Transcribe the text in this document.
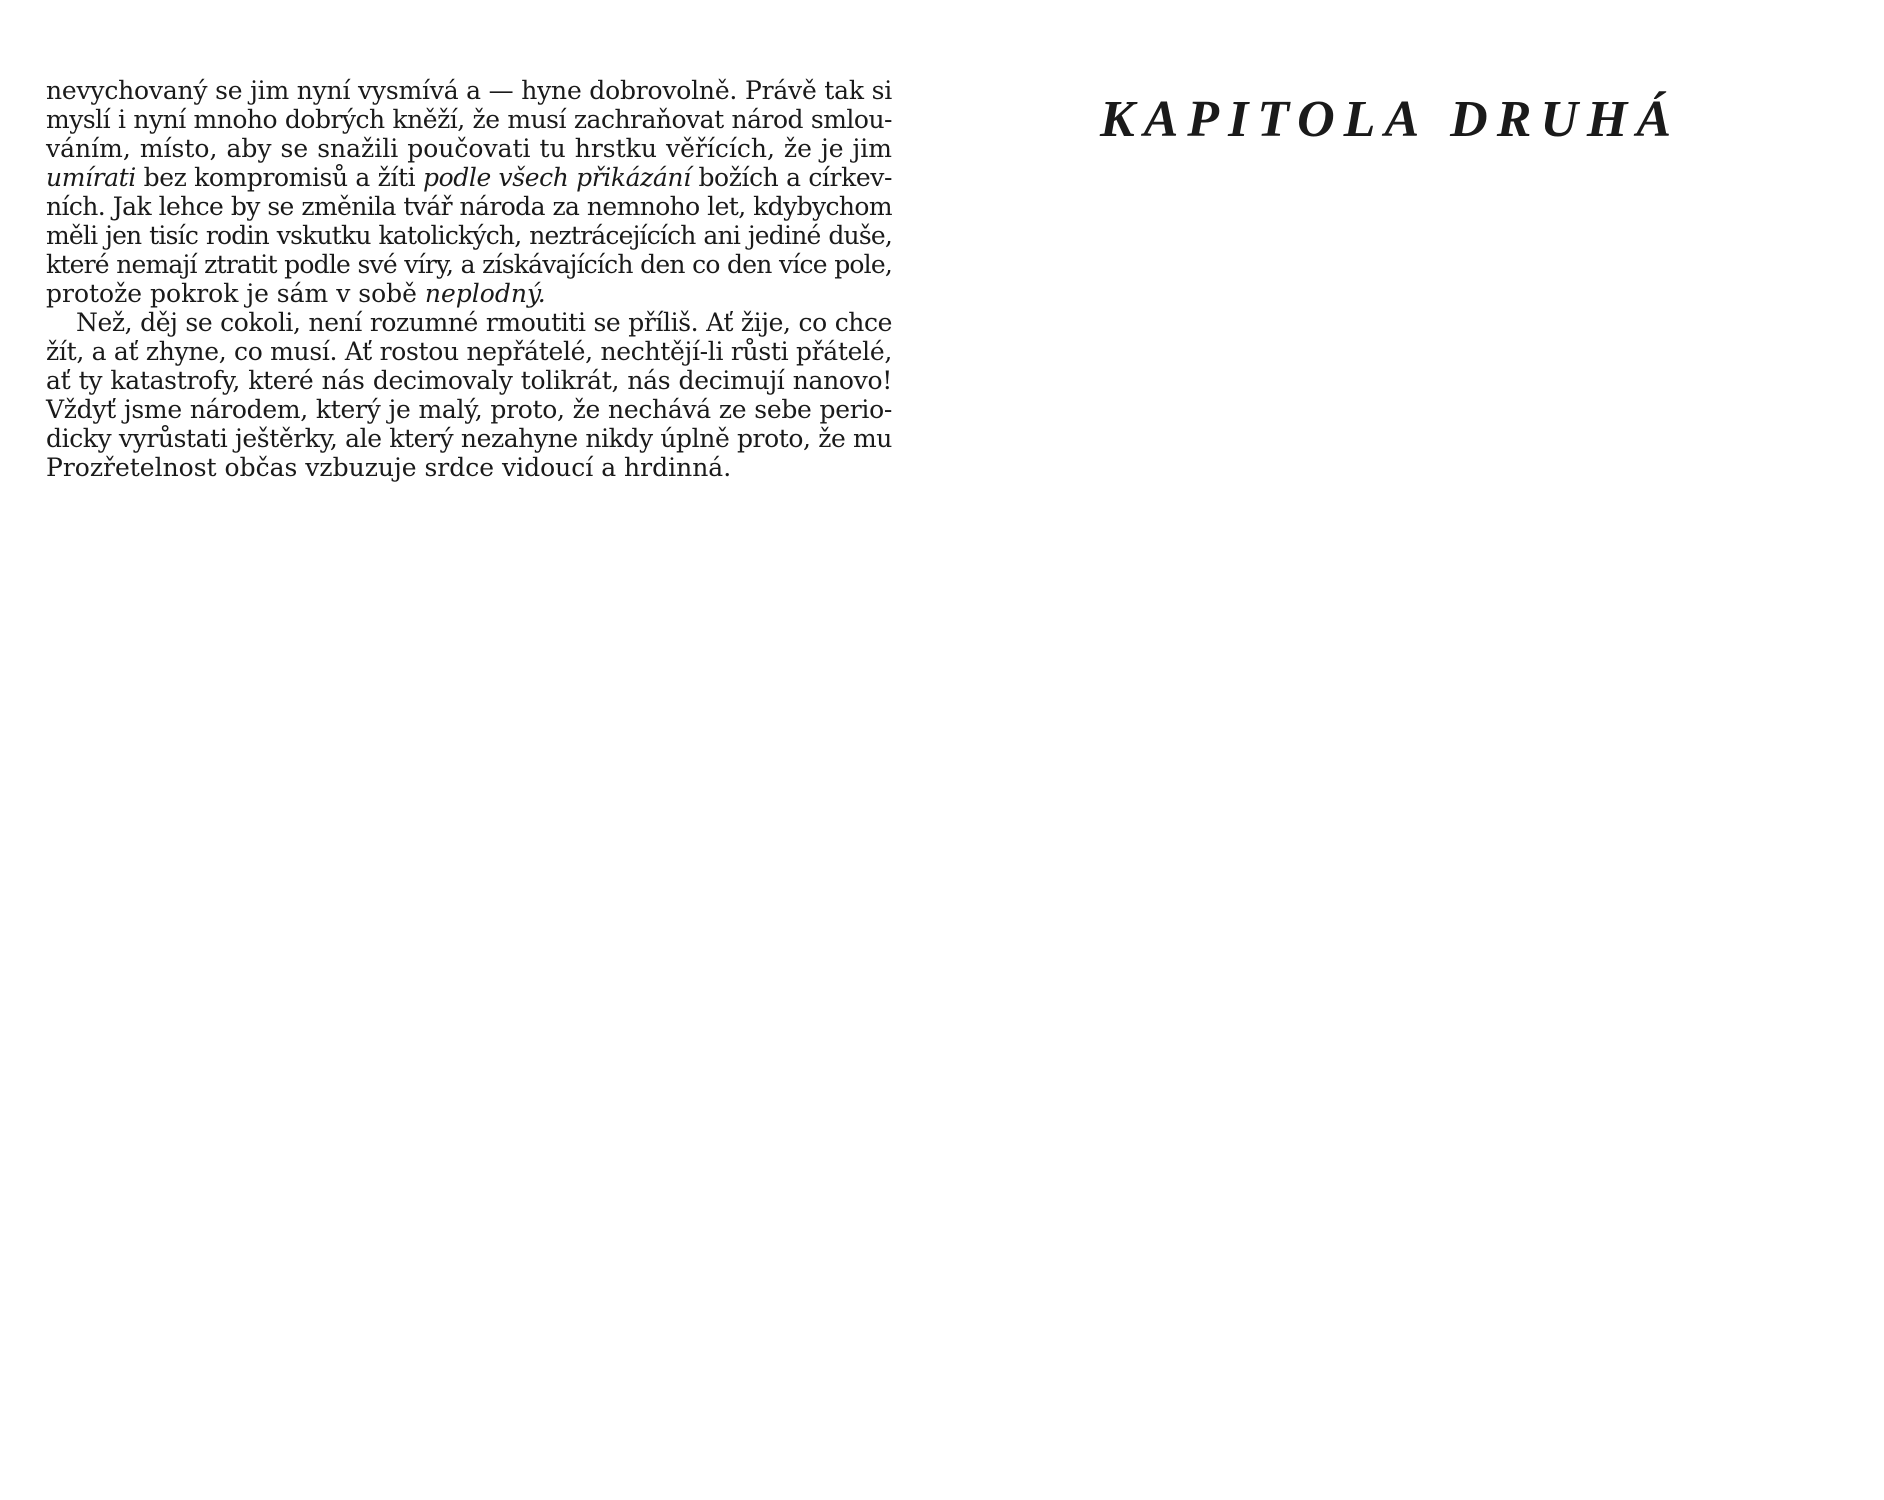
nevychovaný se jim nyní vysmívá a — hyne dobrovolně. Právě tak si
myslí i nyní mnoho dobrých kněží, že musí zachraňovat národ smlou-
váním, místo, aby se snažili poučovati tu hrstku věřících, že je jim
umírati bez kompromisů a žíti podle všech přikázání božích a církev-
ních. Jak lehce by se změnila tvář národa za nemnoho let, kdybychom
měli jen tisíc rodin vskutku katolických, neztrácejících ani jediné duše,
které nemají ztratit podle své víry, a získávajících den co den více pole,
protože pokrok je sám v sobě neplodný.
Než, děj se cokoli, není rozumné rmoutiti se příliš. Ať žije, co chce
žít, a ať zhyne, co musí. Ať rostou nepřátelé, nechtějí-li růsti přátelé,
ať ty katastrofy, které nás decimovaly tolikrát, nás decimují nanovo!
Vždyť jsme národem, který je malý, proto, že nechává ze sebe perio-
dicky vyrůstati ještěrky, ale který nezahyne nikdy úplně proto, že mu
Prozřetelnost občas vzbuzuje srdce vidoucí a hrdinná.
KAPITOLA DRUHÁ
